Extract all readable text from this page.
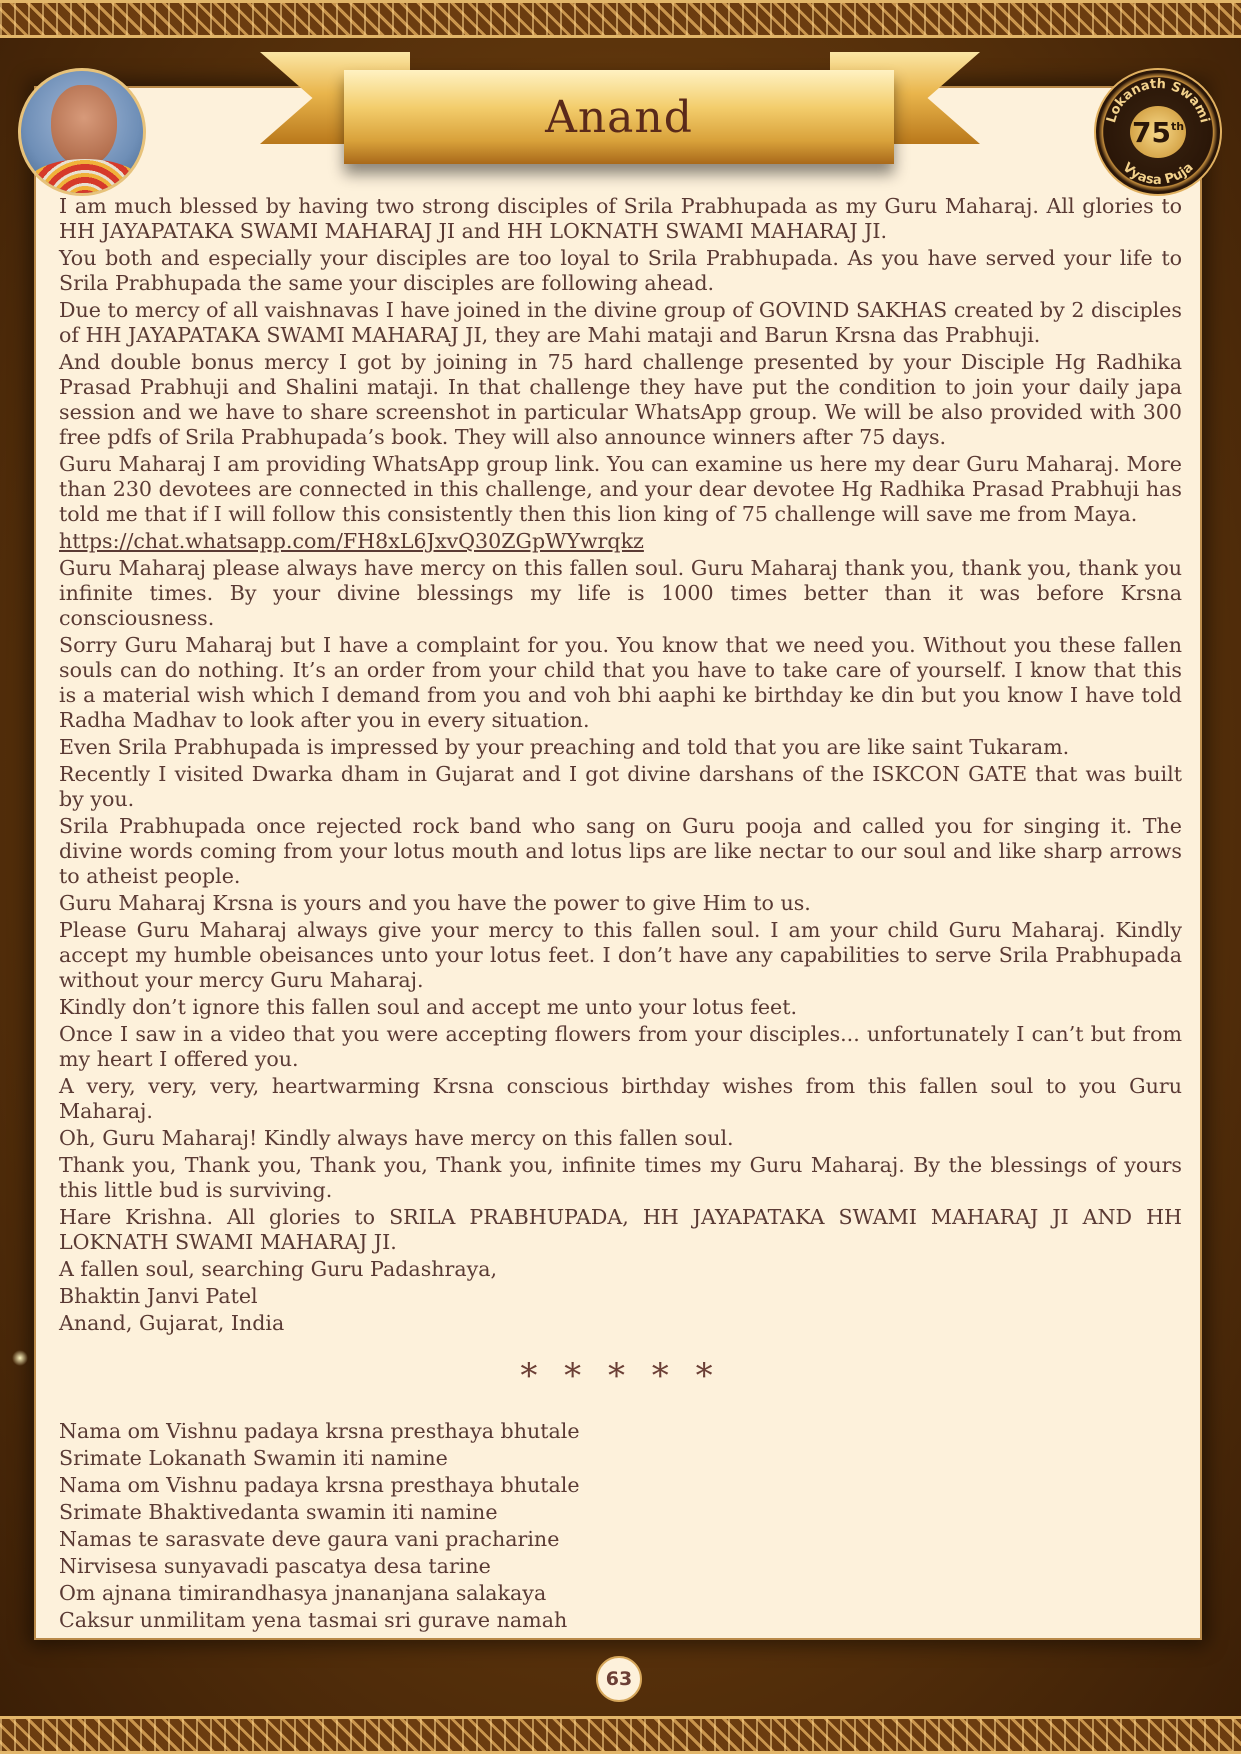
Anand	Lokanath Swami
Vyasa Puja
75th

I am much blessed by having two strong disciples of Srila Prabhupada as my Guru Maharaj. All glories to HH JAYAPATAKA SWAMI MAHARAJ JI and HH LOKNATH SWAMI MAHARAJ JI.

You both and especially your disciples are too loyal to Srila Prabhupada. As you have served your life to Srila Prabhupada the same your disciples are following ahead.

Due to mercy of all vaishnavas I have joined in the divine group of GOVIND SAKHAS created by 2 disciples of HH JAYAPATAKA SWAMI MAHARAJ JI, they are Mahi mataji and Barun Krsna das Prabhuji.

And double bonus mercy I got by joining in 75 hard challenge presented by your Disciple Hg Radhika Prasad Prabhuji and Shalini mataji. In that challenge they have put the condition to join your daily japa session and we have to share screenshot in particular WhatsApp group. We will be also provided with 300 free pdfs of Srila Prabhupada’s book. They will also announce winners after 75 days.

Guru Maharaj I am providing WhatsApp group link. You can examine us here my dear Guru Maharaj. More than 230 devotees are connected in this challenge, and your dear devotee Hg Radhika Prasad Prabhuji has told me that if I will follow this consistently then this lion king of 75 challenge will save me from Maya.

https://chat.whatsapp.com/FH8xL6JxvQ30ZGpWYwrqkz

Guru Maharaj please always have mercy on this fallen soul. Guru Maharaj thank you, thank you, thank you infinite times. By your divine blessings my life is 1000 times better than it was before Krsna consciousness.

Sorry Guru Maharaj but I have a complaint for you. You know that we need you. Without you these fallen souls can do nothing. It’s an order from your child that you have to take care of yourself. I know that this is a material wish which I demand from you and voh bhi aaphi ke birthday ke din but you know I have told Radha Madhav to look after you in every situation.

Even Srila Prabhupada is impressed by your preaching and told that you are like saint Tukaram.

Recently I visited Dwarka dham in Gujarat and I got divine darshans of the ISKCON GATE that was built by you.

Srila Prabhupada once rejected rock band who sang on Guru pooja and called you for singing it. The divine words coming from your lotus mouth and lotus lips are like nectar to our soul and like sharp arrows to atheist people.

Guru Maharaj Krsna is yours and you have the power to give Him to us.

Please Guru Maharaj always give your mercy to this fallen soul. I am your child Guru Maharaj. Kindly accept my humble obeisances unto your lotus feet. I don’t have any capabilities to serve Srila Prabhupada without your mercy Guru Maharaj.

Kindly don’t ignore this fallen soul and accept me unto your lotus feet.

Once I saw in a video that you were accepting flowers from your disciples... unfortunately I can’t but from my heart I offered you.

A very, very, very, heartwarming Krsna conscious birthday wishes from this fallen soul to you Guru Maharaj.

Oh, Guru Maharaj! Kindly always have mercy on this fallen soul.

Thank you, Thank you, Thank you, Thank you, infinite times my Guru Maharaj. By the blessings of yours this little bud is surviving.

Hare Krishna. All glories to SRILA PRABHUPADA, HH JAYAPATAKA SWAMI MAHARAJ JI AND HH LOKNATH SWAMI MAHARAJ JI.

A fallen soul, searching Guru Padashraya,

Bhaktin Janvi Patel

Anand, Gujarat, India

* * * * *

Nama om Vishnu padaya krsna presthaya bhutale

Srimate Lokanath Swamin iti namine

Nama om Vishnu padaya krsna presthaya bhutale

Srimate Bhaktivedanta swamin iti namine

Namas te sarasvate deve gaura vani pracharine

Nirvisesa sunyavadi pascatya desa tarine

Om ajnana timirandhasya jnananjana salakaya

Caksur unmilitam yena tasmai sri gurave namah

63
